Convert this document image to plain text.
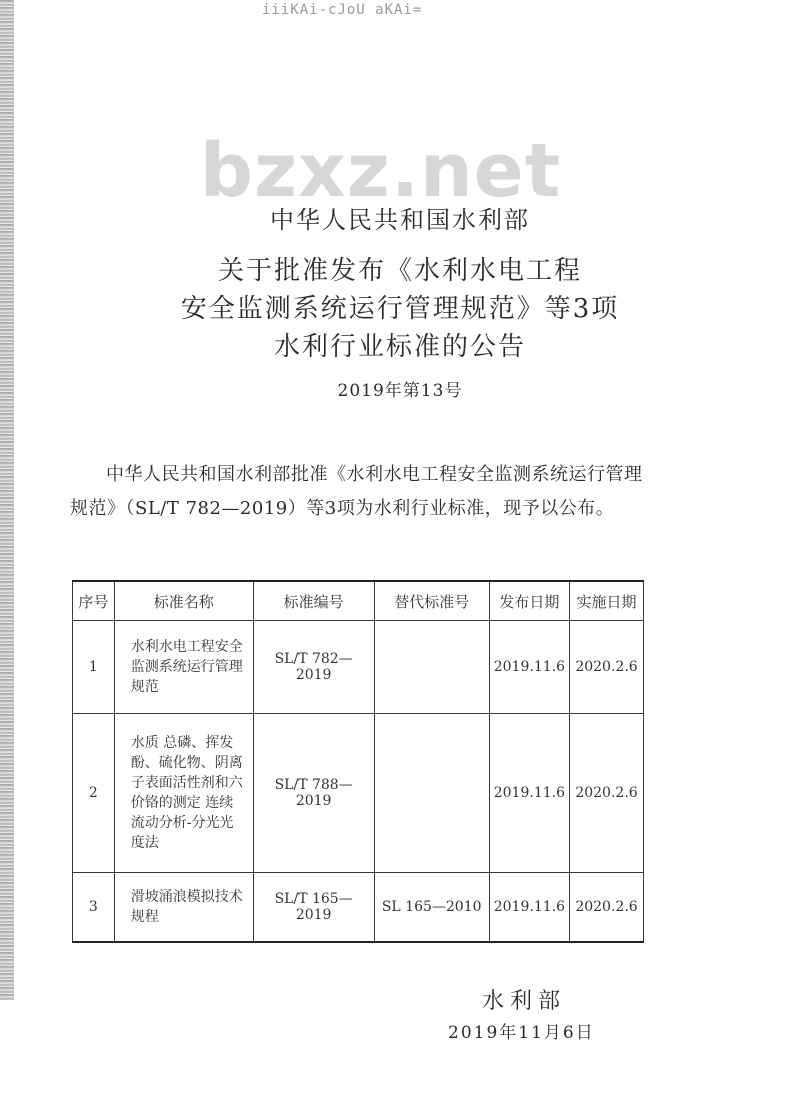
iiiKAi-cJoU aKAi=
bzxz.net
中华人民共和国水利部
关于批准发布《水利水电工程
安全监测系统运行管理规范》等3项
水利行业标准的公告
2019年第13号
中华人民共和国水利部批准《水利水电工程安全监测系统运行管理规范》（SL/T 782—2019）等3项为水利行业标准，现予以公布。
序号	标准名称	标准编号	替代标准号	发布日期	实施日期
1	水利水电工程安全监测系统运行管理规范	SL/T 782—2019		2019.11.6	2020.2.6
2	水质 总磷、挥发酚、硫化物、阴离子表面活性剂和六价铬的测定 连续流动分析-分光光度法	SL/T 788—2019		2019.11.6	2020.2.6
3	滑坡涌浪模拟技术规程	SL/T 165—2019	SL 165—2010	2019.11.6	2020.2.6
水利部
2019年11月6日
